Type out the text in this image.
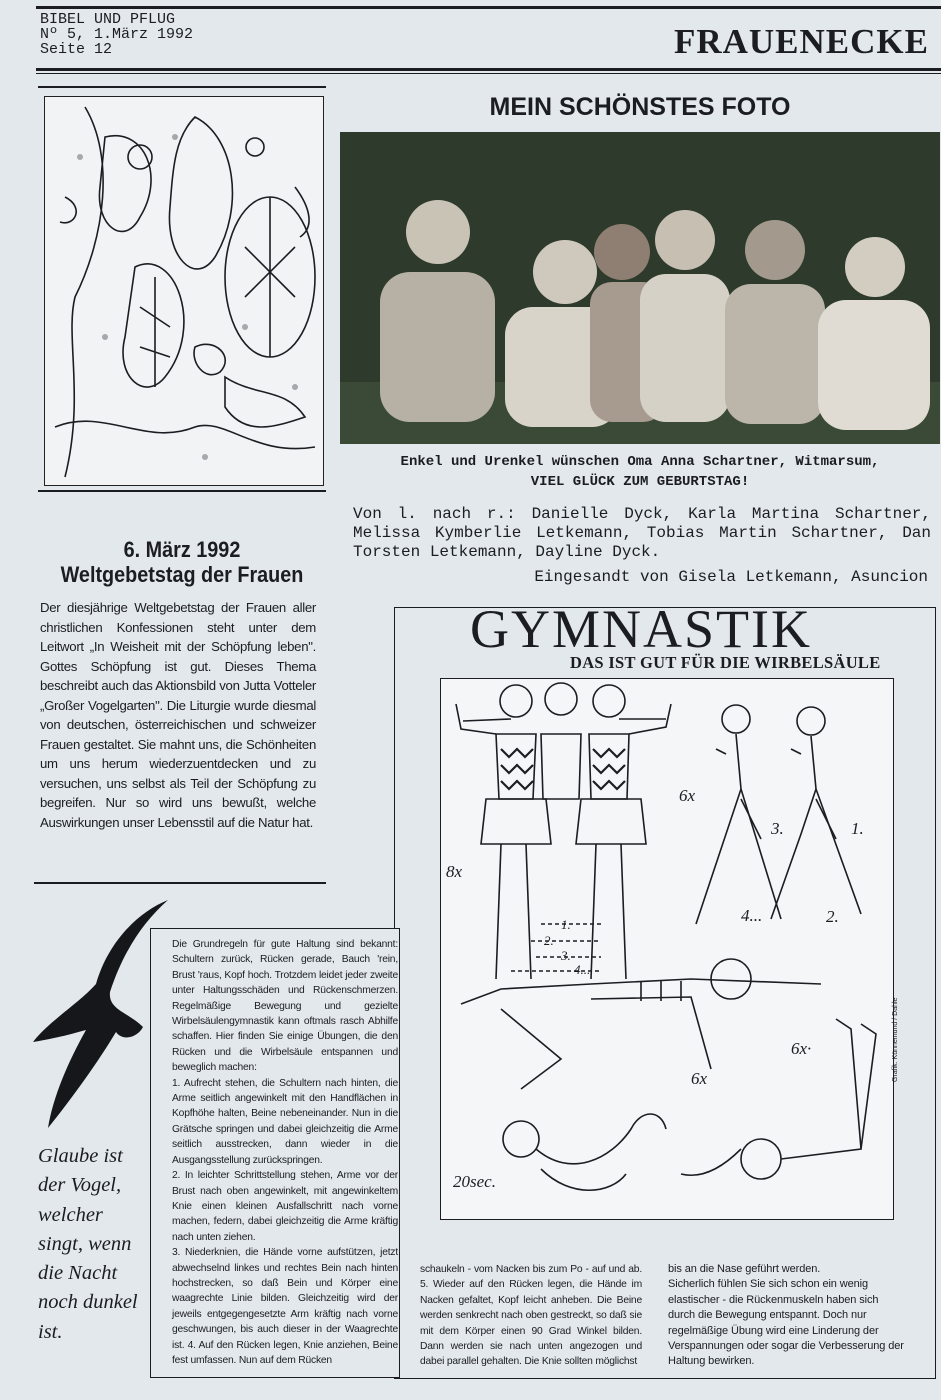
BIBEL UND PFLUG
Nº 5, 1.März 1992
Seite 12	FRAUENECKE
MEIN SCHÖNSTES FOTO
Enkel und Urenkel wünschen Oma Anna Schartner, Witmarsum,
VIEL GLÜCK ZUM GEBURTSTAG!
Von l. nach r.: Danielle Dyck, Karla Martina Schartner, Melissa Kymberlie Letkemann, Tobias Martin Schartner, Dan Torsten Letkemann, Dayline Dyck.
Eingesandt von Gisela Letkemann, Asuncion
6. März 1992
Weltgebetstag der Frauen
Der diesjährige Weltgebetstag der Frauen aller christlichen Konfessionen steht unter dem Leitwort „In Weisheit mit der Schöpfung leben". Gottes Schöpfung ist gut. Dieses Thema beschreibt auch das Aktionsbild von Jutta Votteler „Großer Vogelgarten". Die Liturgie wurde diesmal von deutschen, österreichischen und schweizer Frauen gestaltet. Sie mahnt uns, die Schönheiten um uns herum wiederzuentdecken und zu versuchen, uns selbst als Teil der Schöpfung zu begreifen. Nur so wird uns bewußt, welche Auswirkungen unser Lebensstil auf die Natur hat.
Glaube ist der Vogel, welcher singt, wenn die Nacht noch dunkel ist.
GYMNASTIK
DAS IST GUT FÜR DIE WIRBELSÄULE
8x
6x
6x
6x·
20sec.
1.
2.
3.
4...
1.
2.
3.
4...
Grafik: Künnemund / Dahle

Die Grundregeln für gute Haltung sind bekannt: Schultern zurück, Rücken gerade, Bauch 'rein, Brust 'raus, Kopf hoch. Trotzdem leidet jeder zweite unter Haltungsschäden und Rückenschmerzen. Regelmäßige Bewegung und gezielte Wirbelsäulengymnastik kann oftmals rasch Abhilfe schaffen. Hier finden Sie einige Übungen, die den Rücken und die Wirbelsäule entspannen und beweglich machen:

1. Aufrecht stehen, die Schultern nach hinten, die Arme seitlich angewinkelt mit den Handflächen in Kopfhöhe halten, Beine nebeneinander. Nun in die Grätsche springen und dabei gleichzeitig die Arme seitlich ausstrecken, dann wieder in die Ausgangsstellung zurückspringen.

2. In leichter Schrittstellung stehen, Arme vor der Brust nach oben angewinkelt, mit angewinkeltem Knie einen kleinen Ausfallschritt nach vorne machen, federn, dabei gleichzeitig die Arme kräftig nach unten ziehen.

3. Niederknien, die Hände vorne aufstützen, jetzt abwechselnd linkes und rechtes Bein nach hinten hochstrecken, so daß Bein und Körper eine waagrechte Linie bilden. Gleichzeitig wird der jeweils entgegengesetzte Arm kräftig nach vorne geschwungen, bis auch dieser in der Waagrechte ist. 4. Auf den Rücken legen, Knie anziehen, Beine fest umfassen. Nun auf dem Rücken

schaukeln - vom Nacken bis zum Po - auf und ab. 5. Wieder auf den Rücken legen, die Hände im Nacken gefaltet, Kopf leicht anheben. Die Beine werden senkrecht nach oben gestreckt, so daß sie mit dem Körper einen 90 Grad Winkel bilden. Dann werden sie nach unten angezogen und dabei parallel gehalten. Die Knie sollten möglichst

bis an die Nase geführt werden.

Sicherlich fühlen Sie sich schon ein wenig elastischer - die Rückenmuskeln haben sich durch die Bewegung entspannt. Doch nur regelmäßige Übung wird eine Linderung der Verspannungen oder sogar die Verbesserung der Haltung bewirken.
